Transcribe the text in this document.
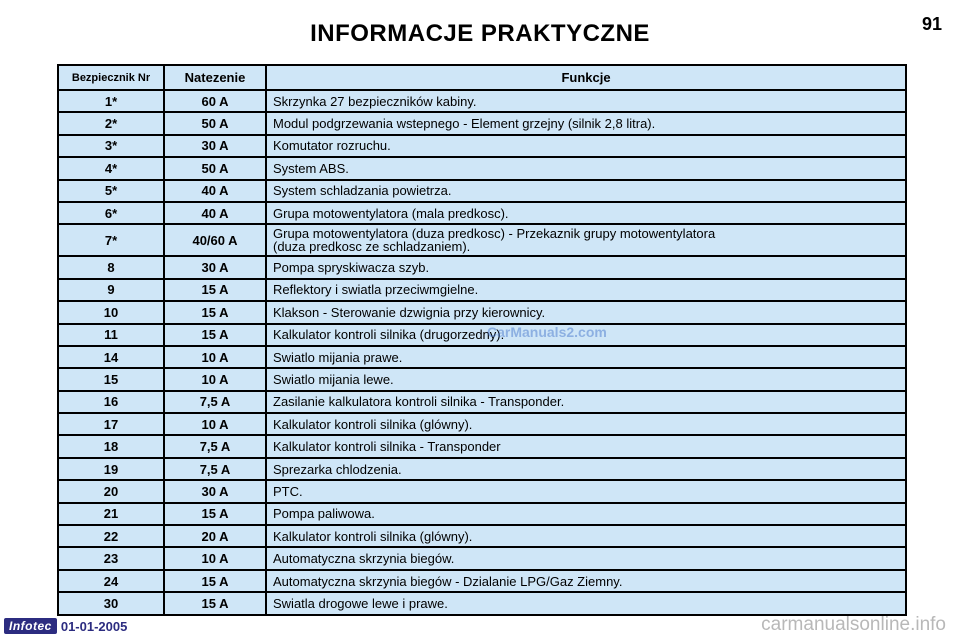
INFORMACJE PRAKTYCZNE	91
Bezpiecznik Nr	Natezenie	Funkcje
1*	60 A	Skrzynka 27 bezpieczników kabiny.

2*	50 A	Modul podgrzewania wstepnego - Element grzejny (silnik 2,8 litra).

3*	30 A	Komutator rozruchu.

4*	50 A	System ABS.

5*	40 A	System schladzania powietrza.

6*	40 A	Grupa motowentylatora (mala predkosc).

7*	40/60 A	Grupa motowentylatora (duza predkosc) - Przekaznik grupy motowentylatora
(duza predkosc ze schladzaniem).

8	30 A	Pompa spryskiwacza szyb.

9	15 A	Reflektory i swiatla przeciwmgielne.

10	15 A	Klakson - Sterowanie dzwignia przy kierownicy.

11	15 A	Kalkulator kontroli silnika (drugorzedny).

14	10 A	Swiatlo mijania prawe.

15	10 A	Swiatlo mijania lewe.

16	7,5 A	Zasilanie kalkulatora kontroli silnika - Transponder.

17	10 A	Kalkulator kontroli silnika (glówny).

18	7,5 A	Kalkulator kontroli silnika - Transponder

19	7,5 A	Sprezarka chlodzenia.

20	30 A	PTC.

21	15 A	Pompa paliwowa.

22	20 A	Kalkulator kontroli silnika (glówny).

23	10 A	Automatyczna skrzynia biegów.

24	15 A	Automatyczna skrzynia biegów - Dzialanie LPG/Gaz Ziemny.

30	15 A	Swiatla drogowe lewe i prawe.
Infotec 01-01-2005
CarManuals2.com
carmanualsonline.info
